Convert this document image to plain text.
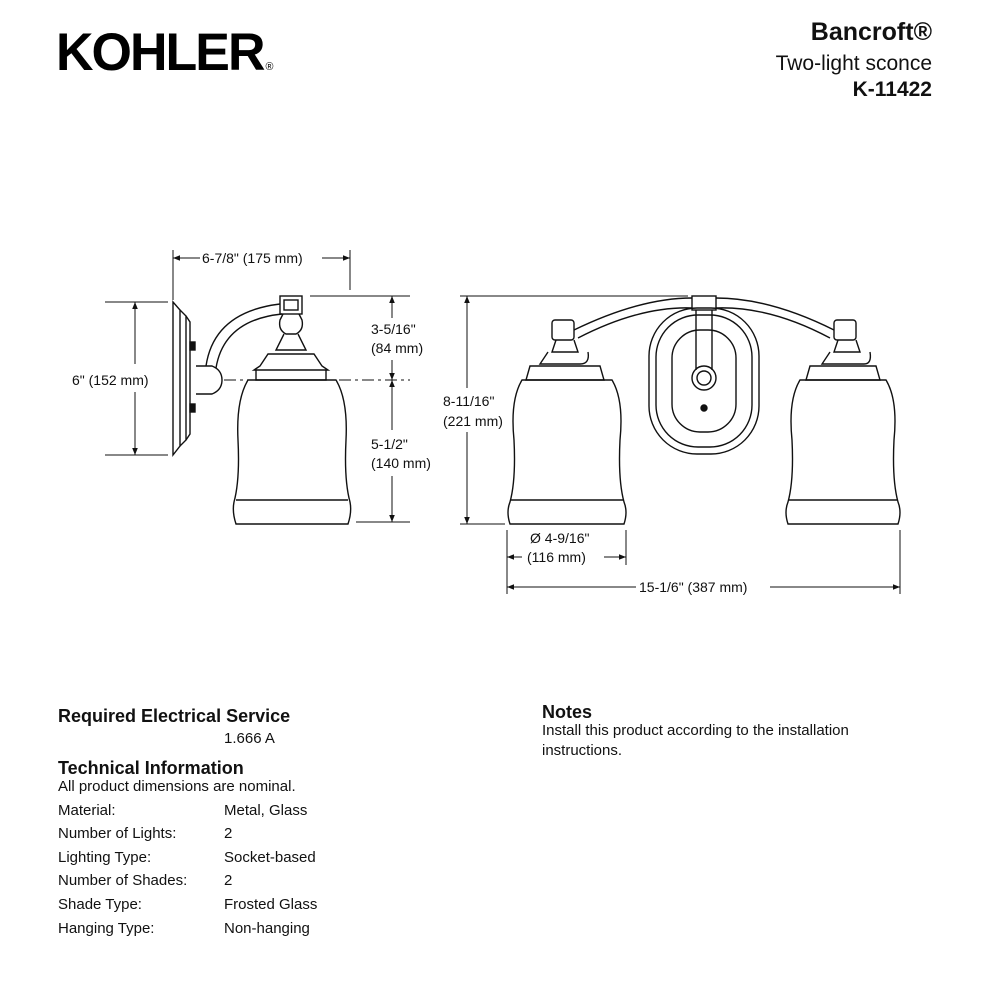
KOHLER ®
Bancroft®
Two-light sconce
K-11422
6-7/8" (175 mm)
6" (152 mm)
3-5/16"
(84 mm)
5-1/2"
(140 mm)
8-11/16"
(221 mm)
Ø 4-9/16"
(116 mm)
15-1/6" (387 mm)
Required Electrical Service
1.666 A
Technical Information
All product dimensions are nominal.
Material:	Metal, Glass
Number of Lights:	2
Lighting Type:	Socket-based
Number of Shades: 2
Shade Type:	Frosted Glass
Hanging Type:	Non-hanging
Notes
Install this product according to the installation
instructions.
